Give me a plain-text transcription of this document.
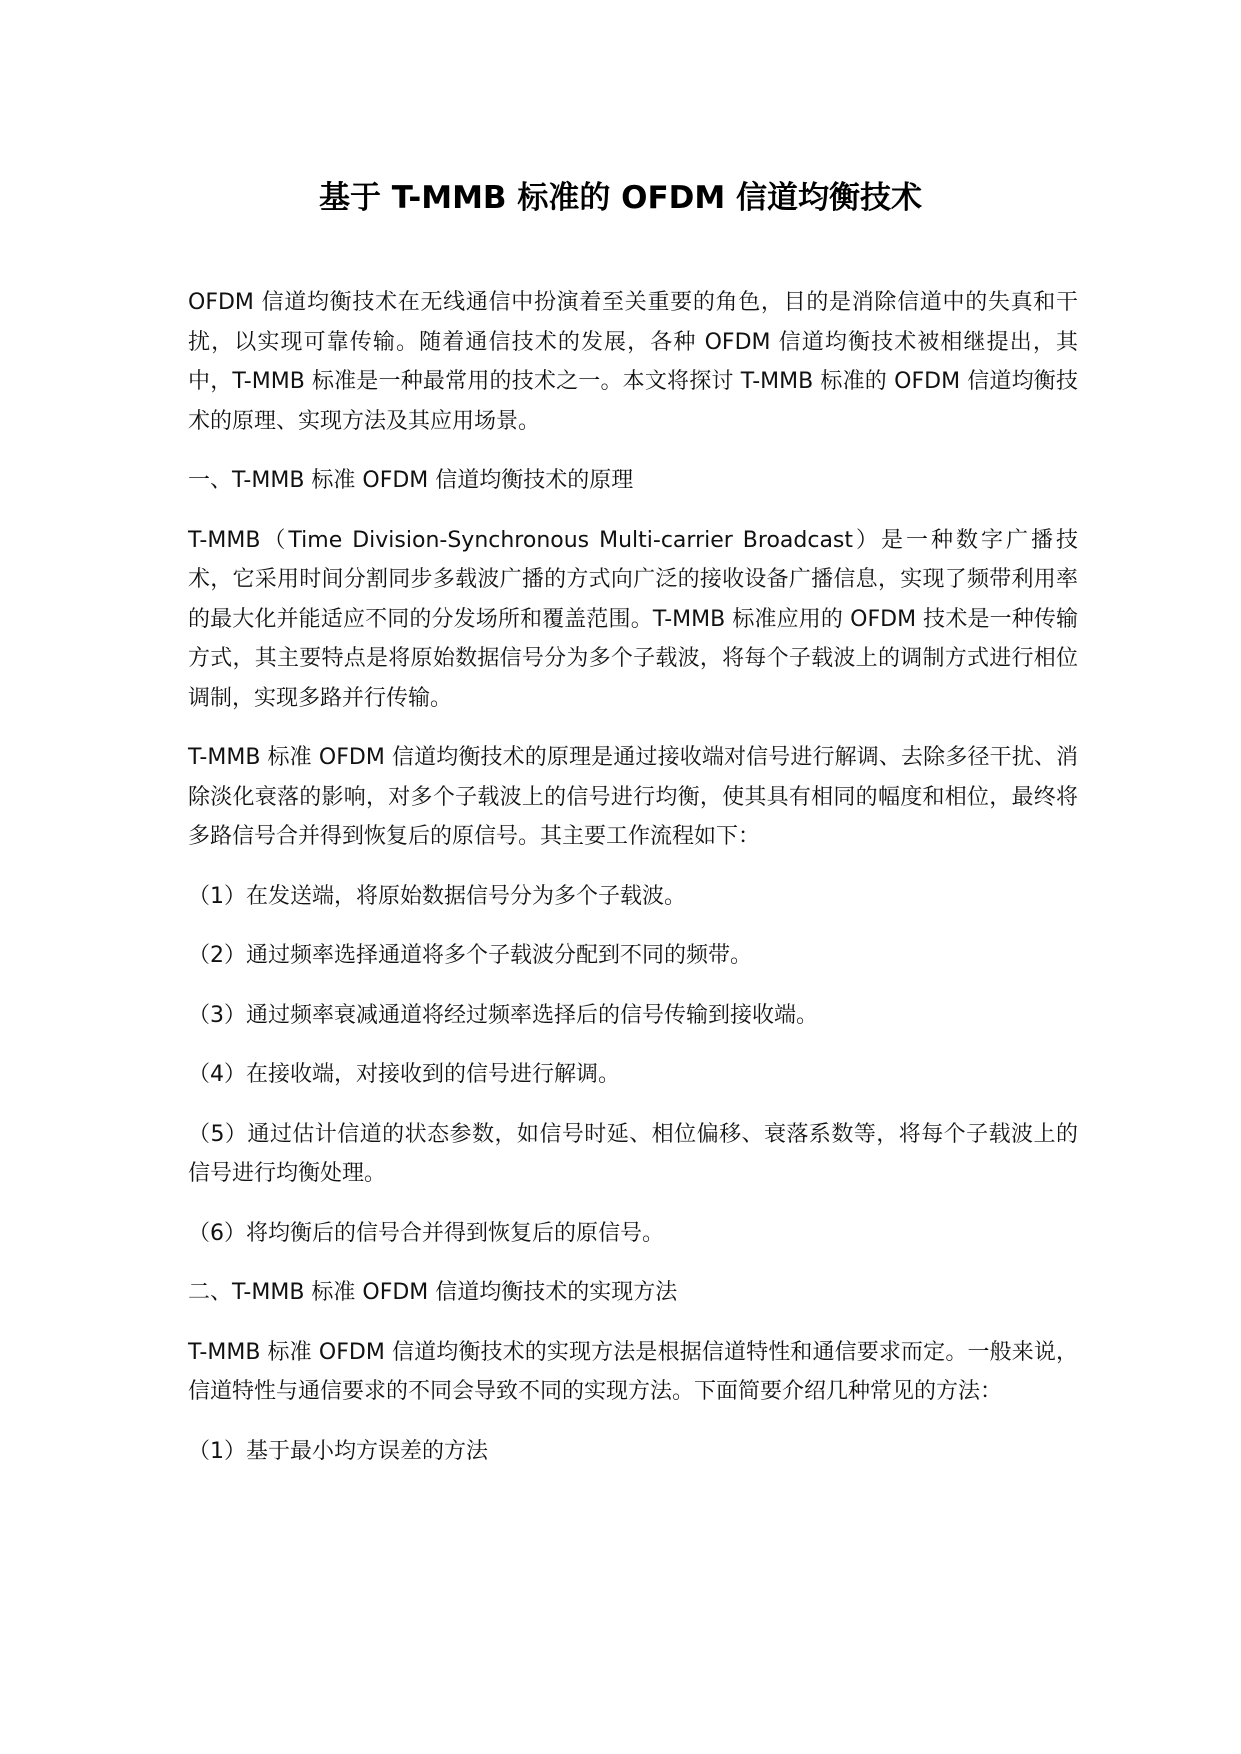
基于 T-MMB 标准的 OFDM 信道均衡技术

OFDM 信道均衡技术在无线通信中扮演着至关重要的角色，目的是消除信道中的失真和干扰，以实现可靠传输。随着通信技术的发展，各种 OFDM 信道均衡技术被相继提出，其中，T-MMB 标准是一种最常用的技术之一。本文将探讨 T-MMB 标准的 OFDM 信道均衡技术的原理、实现方法及其应用场景。

一、T-MMB 标准 OFDM 信道均衡技术的原理

T-MMB（Time Division-Synchronous Multi-carrier Broadcast）是一种数字广播技术，它采用时间分割同步多载波广播的方式向广泛的接收设备广播信息，实现了频带利用率的最大化并能适应不同的分发场所和覆盖范围。T-MMB 标准应用的 OFDM 技术是一种传输方式，其主要特点是将原始数据信号分为多个子载波，将每个子载波上的调制方式进行相位调制，实现多路并行传输。

T-MMB 标准 OFDM 信道均衡技术的原理是通过接收端对信号进行解调、去除多径干扰、消除淡化衰落的影响，对多个子载波上的信号进行均衡，使其具有相同的幅度和相位，最终将多路信号合并得到恢复后的原信号。其主要工作流程如下：

（1）在发送端，将原始数据信号分为多个子载波。

（2）通过频率选择通道将多个子载波分配到不同的频带。

（3）通过频率衰减通道将经过频率选择后的信号传输到接收端。

（4）在接收端，对接收到的信号进行解调。

（5）通过估计信道的状态参数，如信号时延、相位偏移、衰落系数等，将每个子载波上的信号进行均衡处理。

（6）将均衡后的信号合并得到恢复后的原信号。

二、T-MMB 标准 OFDM 信道均衡技术的实现方法

T-MMB 标准 OFDM 信道均衡技术的实现方法是根据信道特性和通信要求而定。一般来说，信道特性与通信要求的不同会导致不同的实现方法。下面简要介绍几种常见的方法：

（1）基于最小均方误差的方法
